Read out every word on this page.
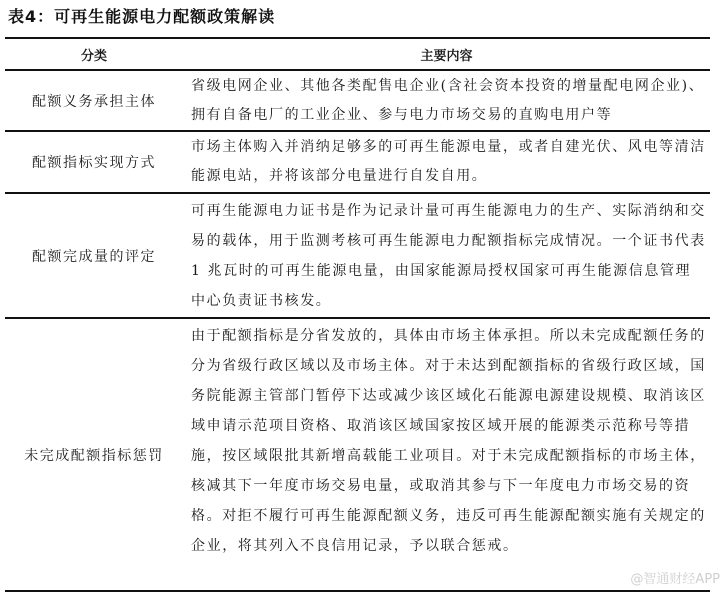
表4：可再生能源电力配额政策解读
分类	主要内容
配额义务承担主体
省级电网企业、其他各类配售电企业(含社会资本投资的增量配电网企业)、拥有自备电厂的工业企业、参与电力市场交易的直购电用户等
配额指标实现方式
市场主体购入并消纳足够多的可再生能源电量，或者自建光伏、风电等清洁能源电站，并将该部分电量进行自发自用。
配额完成量的评定
可再生能源电力证书是作为记录计量可再生能源电力的生产、实际消纳和交易的载体，用于监测考核可再生能源电力配额指标完成情况。一个证书代表 1 兆瓦时的可再生能源电量，由国家能源局授权国家可再生能源信息管理中心负责证书核发。
未完成配额指标惩罚
由于配额指标是分省发放的，具体由市场主体承担。所以未完成配额任务的分为省级行政区域以及市场主体。对于未达到配额指标的省级行政区域，国务院能源主管部门暂停下达或减少该区域化石能源电源建设规模、取消该区域申请示范项目资格、取消该区域国家按区域开展的能源类示范称号等措施，按区域限批其新增高载能工业项目。对于未完成配额指标的市场主体，核减其下一年度市场交易电量，或取消其参与下一年度电力市场交易的资格。对拒不履行可再生能源配额义务，违反可再生能源配额实施有关规定的企业，将其列入不良信用记录，予以联合惩戒。
@智通财经APP
